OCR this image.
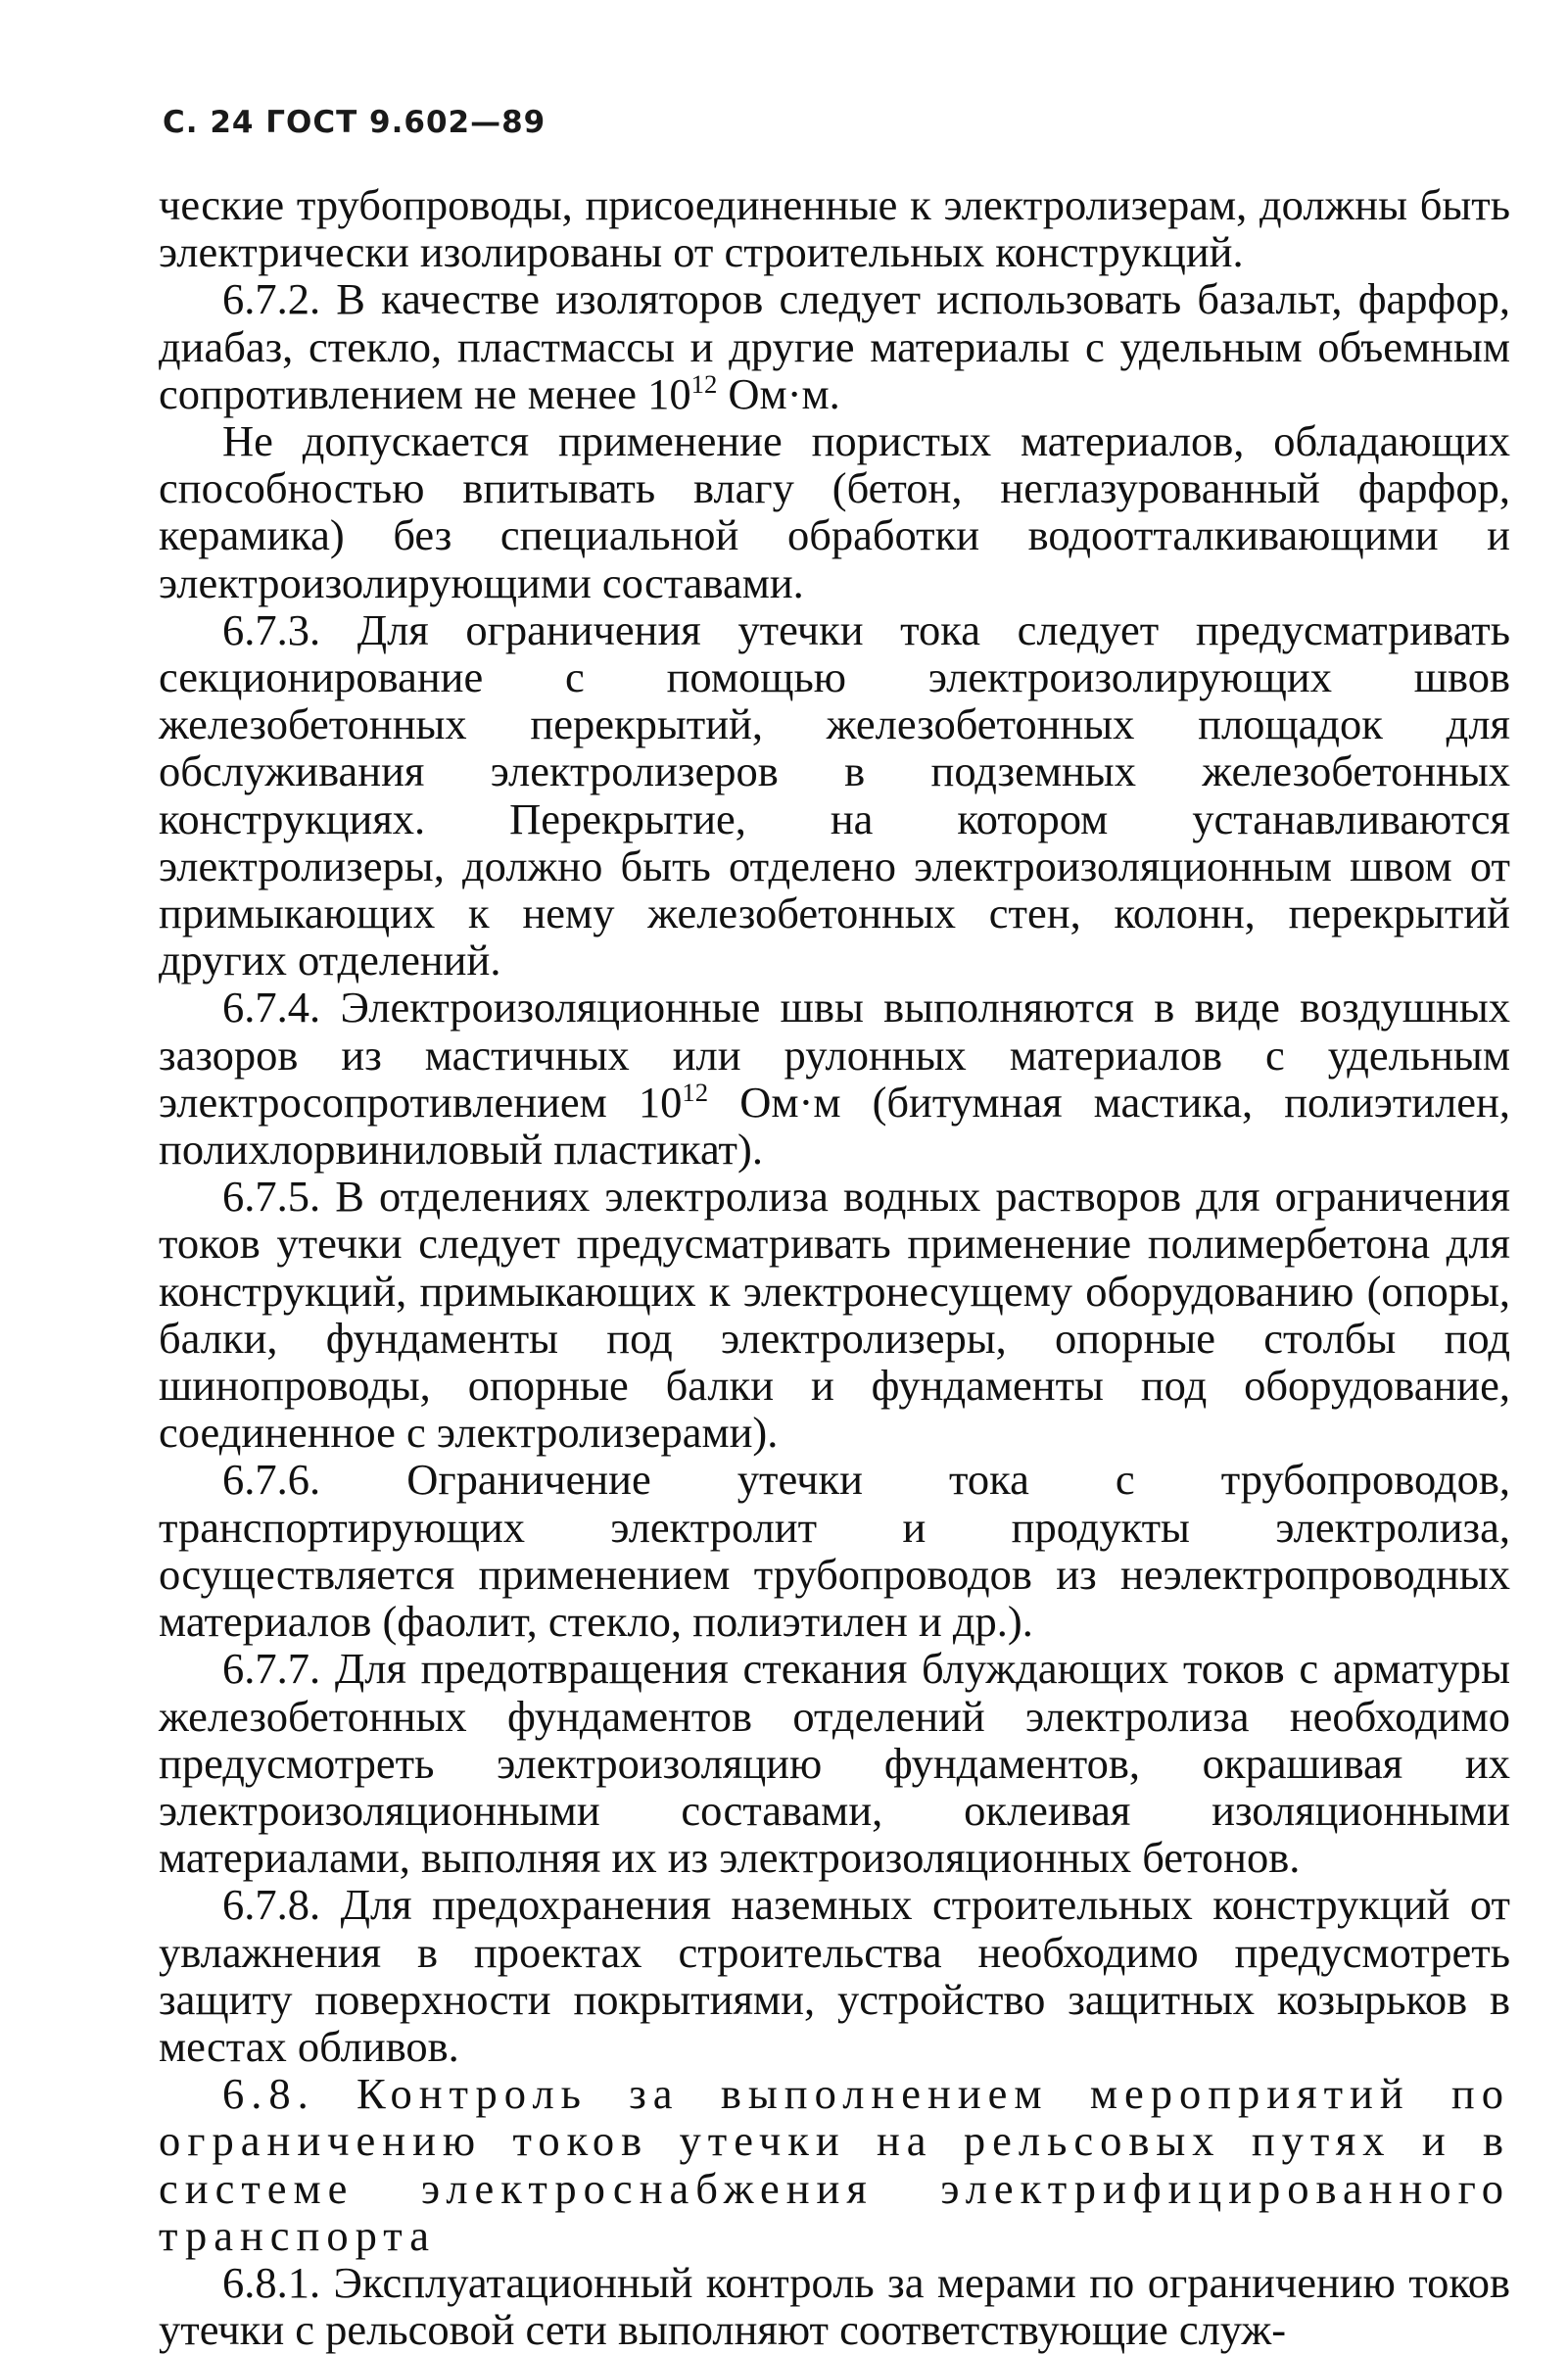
С. 24 ГОСТ 9.602—89

ческие трубопроводы, присоединенные к электролизерам, должны быть электрически изолированы от строительных конструкций.

6.7.2. В качестве изоляторов следует использовать базальт, фарфор, диабаз, стекло, пластмассы и другие материалы с удельным объемным сопротивлением не менее $10^{12}$ Ом·м.

Не допускается применение пористых материалов, обладающих способностью впитывать влагу (бетон, неглазурованный фарфор, керамика) без специальной обработки водоотталкивающими и электроизолирующими составами.

6.7.3. Для ограничения утечки тока следует предусматривать секционирование с помощью электроизолирующих швов железобетонных перекрытий, железобетонных площадок для обслуживания электролизеров в подземных железобетонных конструкциях. Перекрытие, на котором устанавливаются электролизеры, должно быть отделено электроизоляционным швом от примыкающих к нему железобетонных стен, колонн, перекрытий других отделений.

6.7.4. Электроизоляционные швы выполняются в виде воздушных зазоров из мастичных или рулонных материалов с удельным электросопротивлением $10^{12}$ Ом·м (битумная мастика, полиэтилен, полихлорвиниловый пластикат).

6.7.5. В отделениях электролиза водных растворов для ограничения токов утечки следует предусматривать применение полимербетона для конструкций, примыкающих к электронесущему оборудованию (опоры, балки, фундаменты под электролизеры, опорные столбы под шинопроводы, опорные балки и фундаменты под оборудование, соединенное с электролизерами).

6.7.6. Ограничение утечки тока с трубопроводов, транспортирующих электролит и продукты электролиза, осуществляется применением трубопроводов из неэлектропроводных материалов (фаолит, стекло, полиэтилен и др.).

6.7.7. Для предотвращения стекания блуждающих токов с арматуры железобетонных фундаментов отделений электролиза необходимо предусмотреть электроизоляцию фундаментов, окрашивая их электроизоляционными составами, оклеивая изоляционными материалами, выполняя их из электроизоляционных бетонов.

6.7.8. Для предохранения наземных строительных конструкций от увлажнения в проектах строительства необходимо предусмотреть защиту поверхности покрытиями, устройство защитных козырьков в местах обливов.

6.8. Контроль за выполнением мероприятий по ограничению токов утечки на рельсовых путях и в системе электроснабжения электрифицированного транспорта

6.8.1. Эксплуатационный контроль за мерами по ограничению токов утечки с рельсовой сети выполняют соответствующие служ-
